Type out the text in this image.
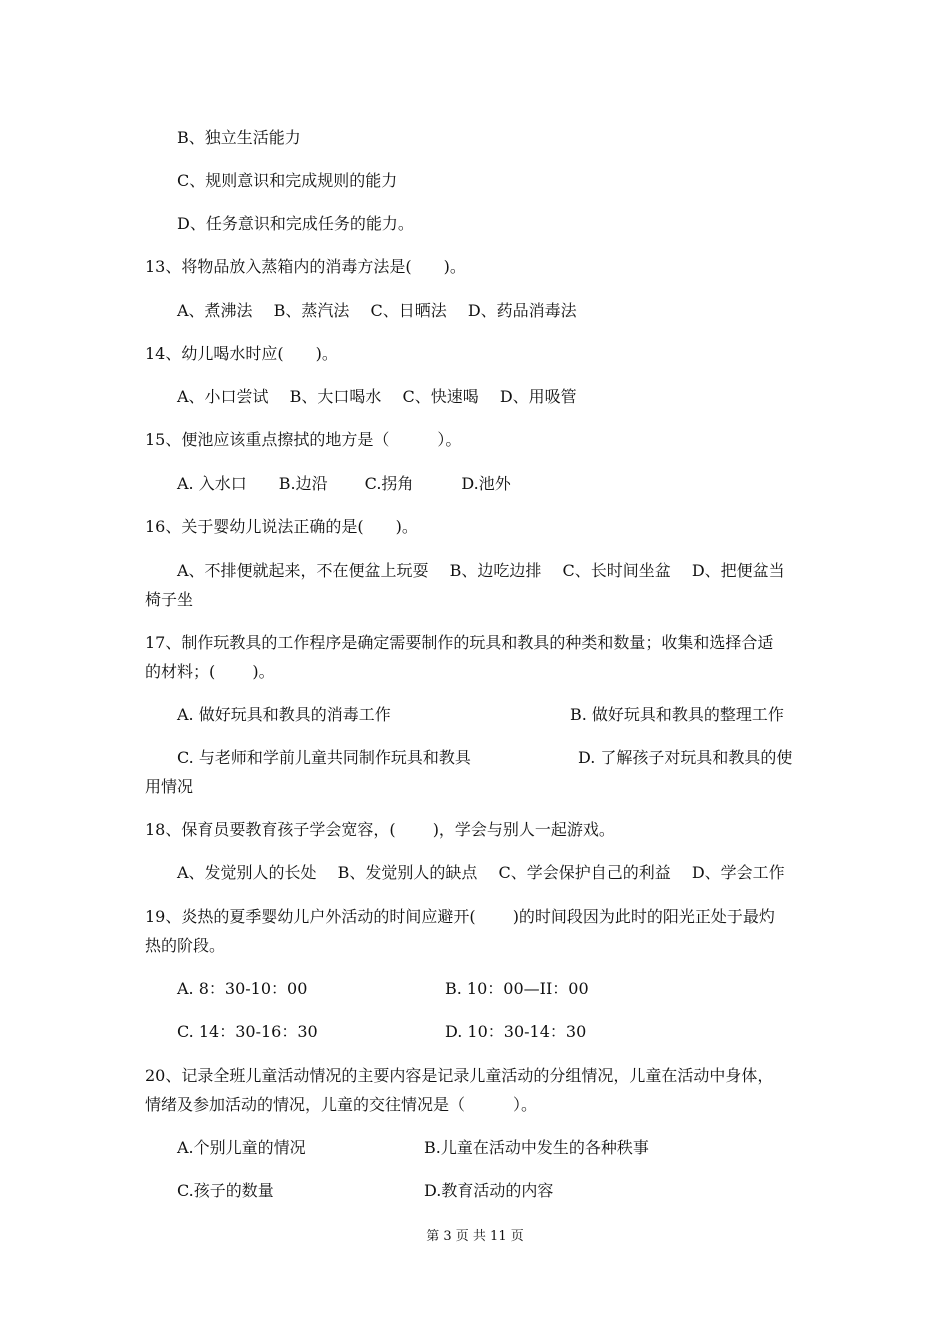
B、独立生活能力
C、规则意识和完成规则的能力
D、任务意识和完成任务的能力。
13、将物品放入蒸箱内的消毒方法是(　　)。
A、煮沸法　 B、蒸汽法　 C、日晒法　 D、药品消毒法
14、幼儿喝水时应(　　)。
A、小口尝试　 B、大口喝水　 C、快速喝　 D、用吸管
15、便池应该重点擦拭的地方是（　　　）。
A. 入水口　　B.边沿　　 C.拐角　　　D.池外
16、关于婴幼儿说法正确的是(　　)。
A、不排便就起来，不在便盆上玩耍　 B、边吃边排　 C、长时间坐盆　 D、把便盆当
椅子坐
17、制作玩教具的工作程序是确定需要制作的玩具和教具的种类和数量；收集和选择合适
的材料；(　　 )。
A. 做好玩具和教具的消毒工作	B. 做好玩具和教具的整理工作
C. 与老师和学前儿童共同制作玩具和教具	D. 了解孩子对玩具和教具的使
用情况
18、保育员要教育孩子学会宽容，(　　 )，学会与别人一起游戏。
A、发觉别人的长处　 B、发觉别人的缺点　 C、学会保护自己的利益　 D、学会工作
19、炎热的夏季婴幼儿户外活动的时间应避开(　　 )的时间段因为此时的阳光正处于最灼
热的阶段。
A. 8：30-10：00	B. 10：00—II：00
C. 14：30-16：30	D. 10：30-14：30
20、记录全班儿童活动情况的主要内容是记录儿童活动的分组情况，儿童在活动中身体，
情绪及参加活动的情况，儿童的交往情况是（　　　）。
A.个别儿童的情况	B.儿童在活动中发生的各种秩事
C.孩子的数量	D.教育活动的内容
第 3 页 共 11 页
